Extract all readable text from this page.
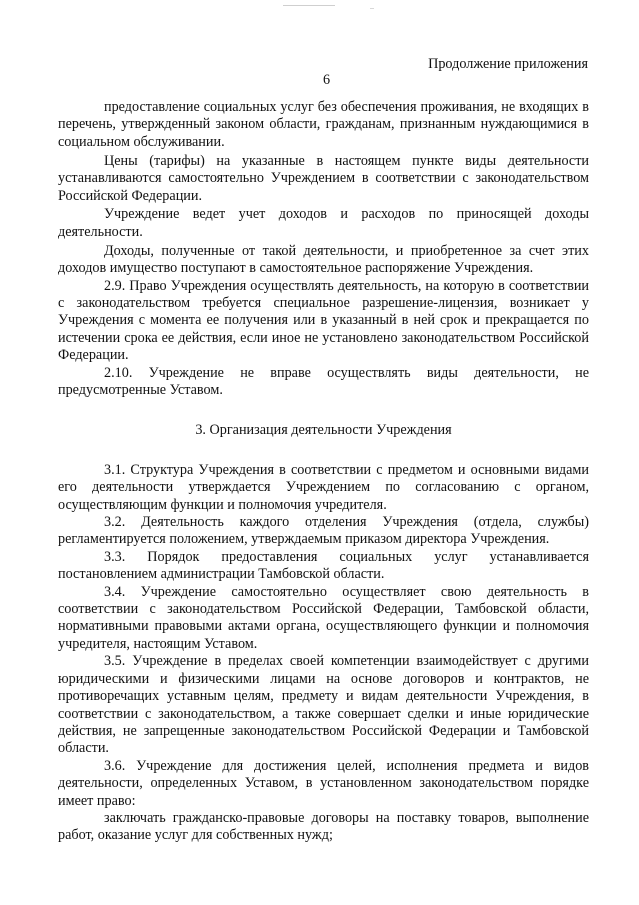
Продолжение приложения
6

предоставление социальных услуг без обеспечения проживания, не входящих в перечень, утвержденный законом области, гражданам, признанным нуждающимися в социальном обслуживании.

Цены (тарифы) на указанные в настоящем пункте виды деятельности устанавливаются самостоятельно Учреждением в соответствии с законодательством Российской Федерации.

Учреждение ведет учет доходов и расходов по приносящей доходы деятельности.

Доходы, полученные от такой деятельности, и приобретенное за счет этих доходов имущество поступают в самостоятельное распоряжение Учреждения.

2.9. Право Учреждения осуществлять деятельность, на которую в соответствии с законодательством требуется специальное разрешение-лицензия, возникает у Учреждения с момента ее получения или в указанный в ней срок и прекращается по истечении срока ее действия, если иное не установлено законодательством Российской Федерации.

2.10. Учреждение не вправе осуществлять виды деятельности, не предусмотренные Уставом.

3. Организация деятельности Учреждения

3.1. Структура Учреждения в соответствии с предметом и основными видами его деятельности утверждается Учреждением по согласованию с органом, осуществляющим функции и полномочия учредителя.

3.2. Деятельность каждого отделения Учреждения (отдела, службы) регламентируется положением, утверждаемым приказом директора Учреждения.

3.3. Порядок предоставления социальных услуг устанавливается постановлением администрации Тамбовской области.

3.4. Учреждение самостоятельно осуществляет свою деятельность в соответствии с законодательством Российской Федерации, Тамбовской области, нормативными правовыми актами органа, осуществляющего функции и полномочия учредителя, настоящим Уставом.

3.5. Учреждение в пределах своей компетенции взаимодействует с другими юридическими и физическими лицами на основе договоров и контрактов, не противоречащих уставным целям, предмету и видам деятельности Учреждения, в соответствии с законодательством, а также совершает сделки и иные юридические действия, не запрещенные законодательством Российской Федерации и Тамбовской области.

3.6. Учреждение для достижения целей, исполнения предмета и видов деятельности, определенных Уставом, в установленном законодательством порядке имеет право:

заключать гражданско-правовые договоры на поставку товаров, выполнение работ, оказание услуг для собственных нужд;
